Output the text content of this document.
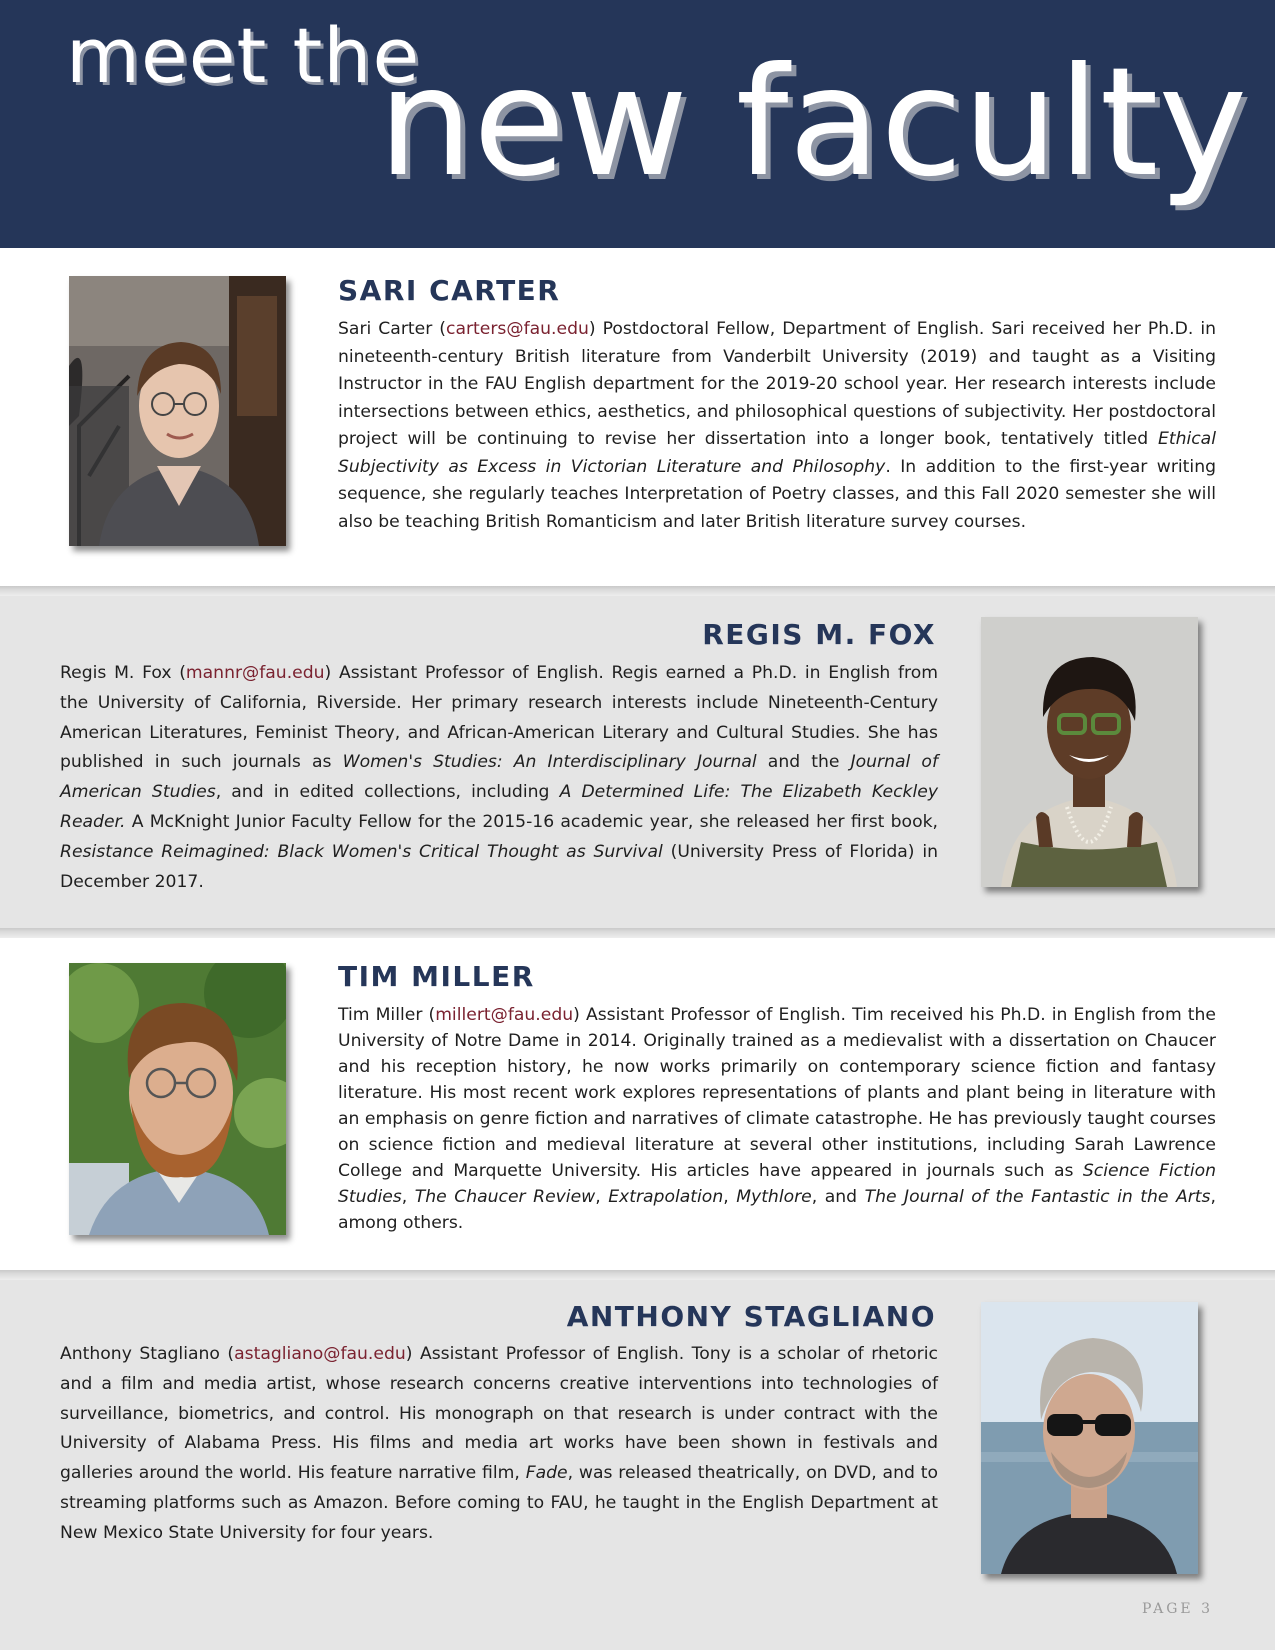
meet the
new faculty
SARI CARTER

Sari Carter (carters@fau.edu) Postdoctoral Fellow, Department of English. Sari received her Ph.D. in nineteenth-century British literature from Vanderbilt University (2019) and taught as a Visiting Instructor in the FAU English department for the 2019-20 school year. Her research interests include intersections between ethics, aesthetics, and philosophical questions of subjectivity. Her postdoctoral project will be continuing to revise her dissertation into a longer book, tentatively titled Ethical Subjectivity as Excess in Victorian Literature and Philosophy. In addition to the first-year writing sequence, she regularly teaches Interpretation of Poetry classes, and this Fall 2020 semester she will also be teaching British Romanticism and later British literature survey courses.

REGIS M. FOX

Regis M. Fox (mannr@fau.edu) Assistant Professor of English. Regis earned a Ph.D. in English from the University of California, Riverside. Her primary research interests include Nineteenth-Century American Literatures, Feminist Theory, and African-American Literary and Cultural Studies. She has published in such journals as Women's Studies: An Interdisciplinary Journal and the Journal of American Studies, and in edited collections, including A Determined Life: The Elizabeth Keckley Reader. A McKnight Junior Faculty Fellow for the 2015-16 academic year, she released her first book, Resistance Reimagined: Black Women's Critical Thought as Survival (University Press of Florida) in December 2017.

TIM MILLER

Tim Miller (millert@fau.edu) Assistant Professor of English. Tim received his Ph.D. in English from the University of Notre Dame in 2014. Originally trained as a medievalist with a dissertation on Chaucer and his reception history, he now works primarily on contemporary science fiction and fantasy literature. His most recent work explores representations of plants and plant being in literature with an emphasis on genre fiction and narratives of climate catastrophe. He has previously taught courses on science fiction and medieval literature at several other institutions, including Sarah Lawrence College and Marquette University. His articles have appeared in journals such as Science Fiction Studies, The Chaucer Review, Extrapolation, Mythlore, and The Journal of the Fantastic in the Arts, among others.

ANTHONY STAGLIANO

Anthony Stagliano (astagliano@fau.edu) Assistant Professor of English. Tony is a scholar of rhetoric and a film and media artist, whose research concerns creative interventions into technologies of surveillance, biometrics, and control. His monograph on that research is under contract with the University of Alabama Press. His films and media art works have been shown in festivals and galleries around the world. His feature narrative film, Fade, was released theatrically, on DVD, and to streaming platforms such as Amazon. Before coming to FAU, he taught in the English Department at New Mexico State University for four years.

PAGE 3
